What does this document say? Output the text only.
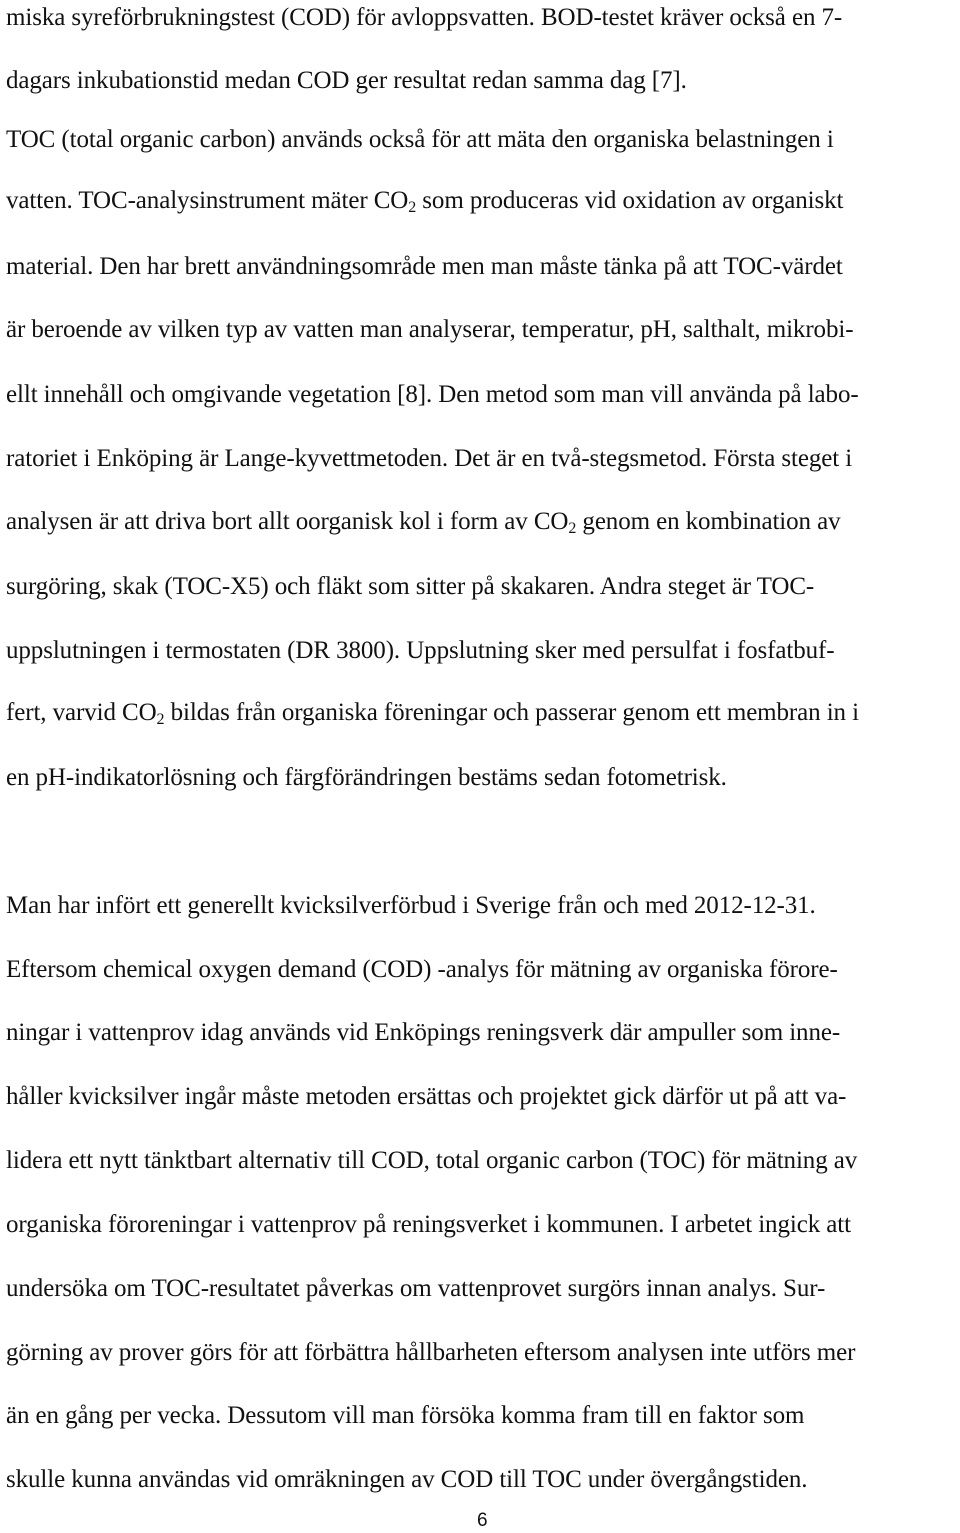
miska syreförbrukningstest (COD) för avloppsvatten. BOD-testet kräver också en 7-
dagars inkubationstid medan COD ger resultat redan samma dag [7].
TOC (total organic carbon) används också för att mäta den organiska belastningen i
vatten. TOC-analysinstrument mäter $CO_2$ som produceras vid oxidation av organiskt
material. Den har brett användningsområde men man måste tänka på att TOC-värdet
är beroende av vilken typ av vatten man analyserar, temperatur, pH, salthalt, mikrobi-
ellt innehåll och omgivande vegetation [8]. Den metod som man vill använda på labo-
ratoriet i Enköping är Lange-kyvettmetoden. Det är en två-stegsmetod. Första steget i
analysen är att driva bort allt oorganisk kol i form av $CO_2$ genom en kombination av
surgöring, skak (TOC-X5) och fläkt som sitter på skakaren. Andra steget är TOC-
uppslutningen i termostaten (DR 3800). Uppslutning sker med persulfat i fosfatbuf-
fert, varvid $CO_2$ bildas från organiska föreningar och passerar genom ett membran in i
en pH-indikatorlösning och färgförändringen bestäms sedan fotometrisk.
Man har infört ett generellt kvicksilverförbud i Sverige från och med 2012-12-31.
Eftersom chemical oxygen demand (COD) -analys för mätning av organiska förore-
ningar i vattenprov idag används vid Enköpings reningsverk där ampuller som inne-
håller kvicksilver ingår måste metoden ersättas och projektet gick därför ut på att va-
lidera ett nytt tänktbart alternativ till COD, total organic carbon (TOC) för mätning av
organiska föroreningar i vattenprov på reningsverket i kommunen. I arbetet ingick att
undersöka om TOC-resultatet påverkas om vattenprovet surgörs innan analys. Sur-
görning av prover görs för att förbättra hållbarheten eftersom analysen inte utförs mer
än en gång per vecka. Dessutom vill man försöka komma fram till en faktor som
skulle kunna användas vid omräkningen av COD till TOC under övergångstiden.
6
